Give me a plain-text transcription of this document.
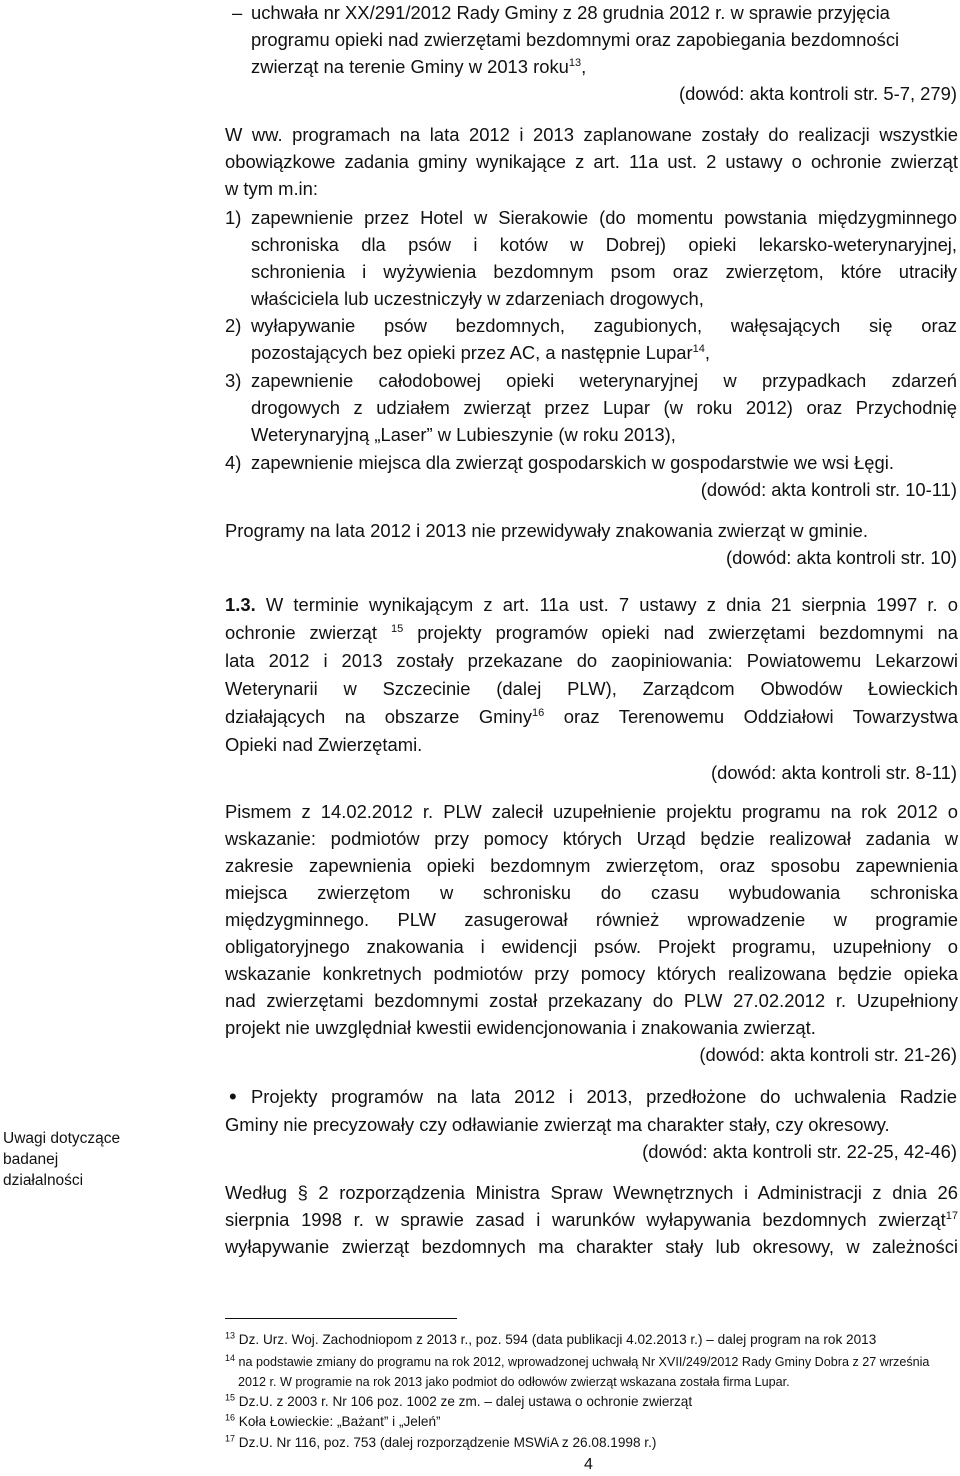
– uchwała nr XX/291/2012 Rady Gminy z 28 grudnia 2012 r. w sprawie przyjęcia
programu opieki nad zwierzętami bezdomnymi oraz zapobiegania bezdomności
zwierząt na terenie Gminy w 2013 roku$^{13}$,
(dowód: akta kontroli str. 5-7, 279)
W ww. programach na lata 2012 i 2013 zaplanowane zostały do realizacji wszystkie
obowiązkowe zadania gminy wynikające z art. 11a ust. 2 ustawy o ochronie zwierząt
w tym m.in:
1) zapewnienie przez Hotel w Sierakowie (do momentu powstania międzygminnego
schroniska dla psów i kotów w Dobrej) opieki lekarsko-weterynaryjnej,
schronienia i wyżywienia bezdomnym psom oraz zwierzętom, które utraciły
właściciela lub uczestniczyły w zdarzeniach drogowych,
2) wyłapywanie psów bezdomnych, zagubionych, wałęsających się oraz
pozostających bez opieki przez AC, a następnie Lupar$^{14}$,
3) zapewnienie całodobowej opieki weterynaryjnej w przypadkach zdarzeń
drogowych z udziałem zwierząt przez Lupar (w roku 2012) oraz Przychodnię
Weterynaryjną „Laser” w Lubieszynie (w roku 2013),
4) zapewnienie miejsca dla zwierząt gospodarskich w gospodarstwie we wsi Łęgi.
(dowód: akta kontroli str. 10-11)
Programy na lata 2012 i 2013 nie przewidywały znakowania zwierząt w gminie.
(dowód: akta kontroli str. 10)
1.3. W terminie wynikającym z art. 11a ust. 7 ustawy z dnia 21 sierpnia 1997 r. o
ochronie zwierząt $^{15}$ projekty programów opieki nad zwierzętami bezdomnymi na
lata 2012 i 2013 zostały przekazane do zaopiniowania: Powiatowemu Lekarzowi
Weterynarii w Szczecinie (dalej PLW), Zarządcom Obwodów Łowieckich
działających na obszarze Gminy$^{16}$ oraz Terenowemu Oddziałowi Towarzystwa
Opieki nad Zwierzętami.
(dowód: akta kontroli str. 8-11)
Pismem z 14.02.2012 r. PLW zalecił uzupełnienie projektu programu na rok 2012 o
wskazanie: podmiotów przy pomocy których Urząd będzie realizował zadania w
zakresie zapewnienia opieki bezdomnym zwierzętom, oraz sposobu zapewnienia
miejsca zwierzętom w schronisku do czasu wybudowania schroniska
międzygminnego. PLW zasugerował również wprowadzenie w programie
obligatoryjnego znakowania i ewidencji psów. Projekt programu, uzupełniony o
wskazanie konkretnych podmiotów przy pomocy których realizowana będzie opieka
nad zwierzętami bezdomnymi został przekazany do PLW 27.02.2012 r. Uzupełniony
projekt nie uwzględniał kwestii ewidencjonowania i znakowania zwierząt.
(dowód: akta kontroli str. 21-26)
Uwagi dotyczące
badanej
działalności
• Projekty programów na lata 2012 i 2013, przedłożone do uchwalenia Radzie
Gminy nie precyzowały czy odławianie zwierząt ma charakter stały, czy okresowy.
(dowód: akta kontroli str. 22-25, 42-46)
Według § 2 rozporządzenia Ministra Spraw Wewnętrznych i Administracji z dnia 26
sierpnia 1998 r. w sprawie zasad i warunków wyłapywania bezdomnych zwierząt$^{17}$
wyłapywanie zwierząt bezdomnych ma charakter stały lub okresowy, w zależności
$^{13}$ Dz. Urz. Woj. Zachodniopom z 2013 r., poz. 594 (data publikacji 4.02.2013 r.) – dalej program na rok 2013
$^{14}$ na podstawie zmiany do programu na rok 2012, wprowadzonej uchwałą Nr XVII/249/2012 Rady Gminy Dobra z 27 września
2012 r. W programie na rok 2013 jako podmiot do odłowów zwierząt wskazana została firma Lupar.
$^{15}$ Dz.U. z 2003 r. Nr 106 poz. 1002 ze zm. – dalej ustawa o ochronie zwierząt
$^{16}$ Koła Łowieckie: „Bażant” i „Jeleń”
$^{17}$ Dz.U. Nr 116, poz. 753 (dalej rozporządzenie MSWiA z 26.08.1998 r.)
4
